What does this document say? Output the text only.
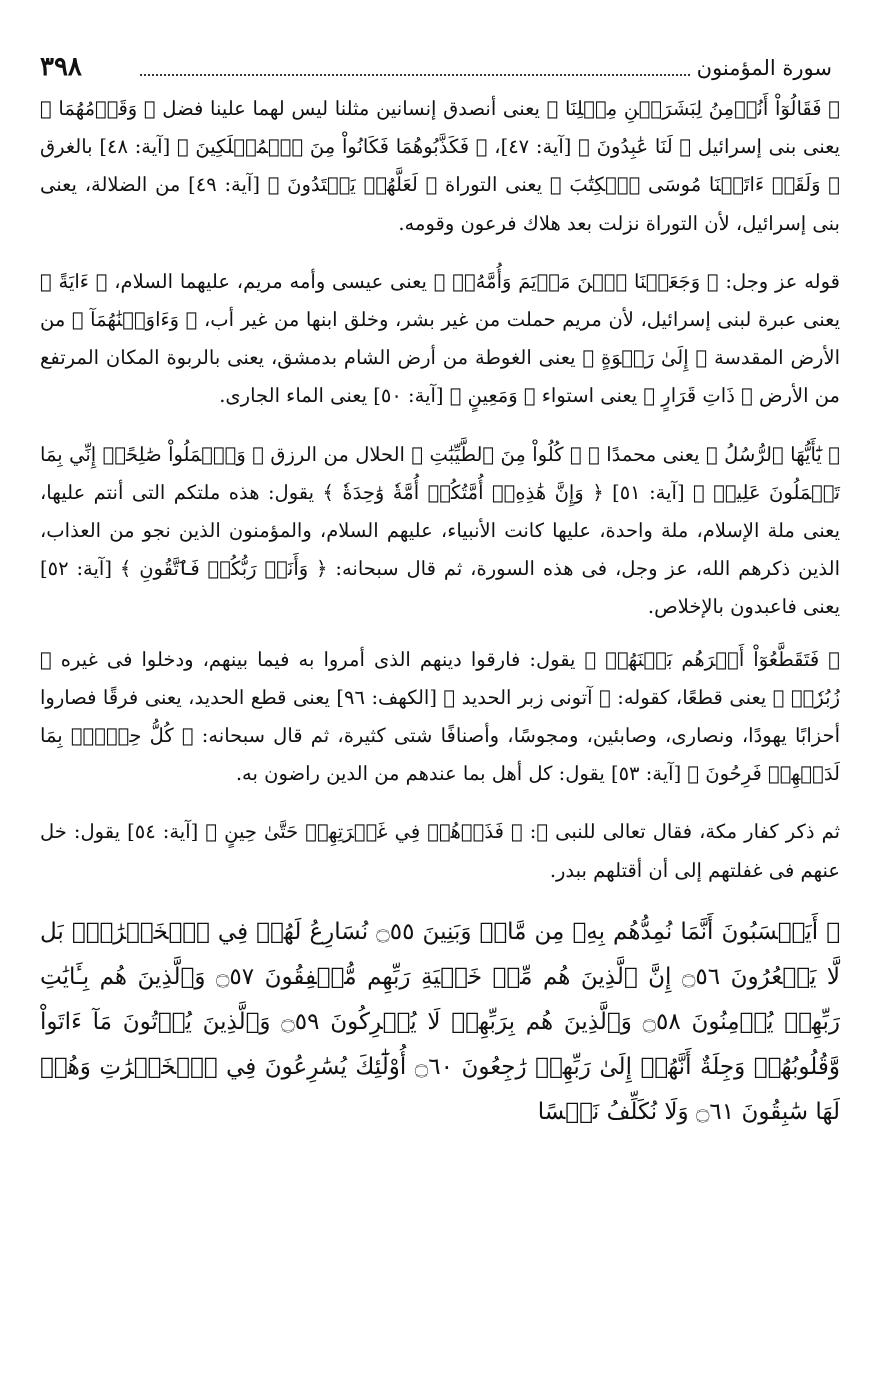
سورة المؤمنون
٣٩٨

﴿ فَقَالُوٓاْ أَنُؤۡمِنُ لِبَشَرَيۡنِ مِثۡلِنَا ﴾ يعنى أنصدق إنسانين مثلنا ليس لهما علينا فضل ﴿ وَقَوۡمُهُمَا ﴾ يعنى بنى إسرائيل ﴿ لَنَا عَٰبِدُونَ ﴾ [آية: ٤٧]، ﴿ فَكَذَّبُوهُمَا فَكَانُواْ مِنَ ٱلۡمُهۡلَكِينَ ﴾ [آية: ٤٨] بالغرق ﴿ وَلَقَدۡ ءَاتَيۡنَا مُوسَى ٱلۡكِتَٰبَ ﴾ يعنى التوراة ﴿ لَعَلَّهُمۡ يَهۡتَدُونَ ﴾ [آية: ٤٩] من الضلالة، يعنى بنى إسرائيل، لأن التوراة نزلت بعد هلاك فرعون وقومه.

قوله عز وجل: ﴿ وَجَعَلۡنَا ٱبۡنَ مَرۡيَمَ وَأُمَّهُۥٓ ﴾ يعنى عيسى وأمه مريم، عليهما السلام، ﴿ ءَايَةً ﴾ يعنى عبرة لبنى إسرائيل، لأن مريم حملت من غير بشر، وخلق ابنها من غير أب، ﴿ وَءَاوَيۡنَٰهُمَآ ﴾ من الأرض المقدسة ﴿ إِلَىٰ رَبۡوَةٍ ﴾ يعنى الغوطة من أرض الشام بدمشق، يعنى بالربوة المكان المرتفع من الأرض ﴿ ذَاتِ قَرَارٍ ﴾ يعنى استواء ﴿ وَمَعِينٍ ﴾ [آية: ٥٠] يعنى الماء الجارى.

﴿ يَٰٓأَيُّهَا ٱلرُّسُلُ ﴾ يعنى محمدًا ﷺ ﴿ كُلُواْ مِنَ ٱلطَّيِّبَٰتِ ﴾ الحلال من الرزق ﴿ وَٱعۡمَلُواْ صَٰلِحًاۖ إِنِّي بِمَا تَعۡمَلُونَ عَلِيمٞ ﴾ [آية: ٥١] ﴿ وَإِنَّ هَٰذِهِۦٓ أُمَّتُكُمۡ أُمَّةٗ وَٰحِدَةٗ ﴾ يقول: هذه ملتكم التى أنتم عليها، يعنى ملة الإسلام، ملة واحدة، عليها كانت الأنبياء، عليهم السلام، والمؤمنون الذين نجو من العذاب، الذين ذكرهم الله، عز وجل، فى هذه السورة، ثم قال سبحانه: ﴿ وَأَنَا۠ رَبُّكُمۡ فَٱتَّقُونِ ﴾ [آية: ٥٢] يعنى فاعبدون بالإخلاص.

﴿ فَتَقَطَّعُوٓاْ أَمۡرَهُم بَيۡنَهُمۡ ﴾ يقول: فارقوا دينهم الذى أمروا به فيما بينهم، ودخلوا فى غيره ﴿ زُبُرٗاۖ ﴾ يعنى قطعًا، كقوله: ﴿ آتونى زبر الحديد ﴾ [الكهف: ٩٦] يعنى قطع الحديد، يعنى فرقًا فصاروا أحزابًا يهودًا، ونصارى، وصابئين، ومجوسًا، وأصنافًا شتى كثيرة، ثم قال سبحانه: ﴿ كُلُّ حِزۡبِۢ بِمَا لَدَيۡهِمۡ فَرِحُونَ ﴾ [آية: ٥٣] يقول: كل أهل بما عندهم من الدين راضون به.

ثم ذكر كفار مكة، فقال تعالى للنبى ﷺ: ﴿ فَذَرۡهُمۡ فِي غَمۡرَتِهِمۡ حَتَّىٰ حِينٍ ﴾ [آية: ٥٤] يقول: خل عنهم فى غفلتهم إلى أن أقتلهم ببدر.

﴿ أَيَحۡسَبُونَ أَنَّمَا نُمِدُّهُم بِهِۦ مِن مَّالٖ وَبَنِينَ ۝٥٥ نُسَارِعُ لَهُمۡ فِي ٱلۡخَيۡرَٰتِۚ بَل لَّا يَشۡعُرُونَ ۝٥٦ إِنَّ ٱلَّذِينَ هُم مِّنۡ خَشۡيَةِ رَبِّهِم مُّشۡفِقُونَ ۝٥٧ وَٱلَّذِينَ هُم بِـَٔايَٰتِ رَبِّهِمۡ يُؤۡمِنُونَ ۝٥٨ وَٱلَّذِينَ هُم بِرَبِّهِمۡ لَا يُشۡرِكُونَ ۝٥٩ وَٱلَّذِينَ يُؤۡتُونَ مَآ ءَاتَواْ وَّقُلُوبُهُمۡ وَجِلَةٌ أَنَّهُمۡ إِلَىٰ رَبِّهِمۡ رَٰجِعُونَ ۝٦٠ أُوْلَٰٓئِكَ يُسَٰرِعُونَ فِي ٱلۡخَيۡرَٰتِ وَهُمۡ لَهَا سَٰبِقُونَ ۝٦١ وَلَا نُكَلِّفُ نَفۡسًا
